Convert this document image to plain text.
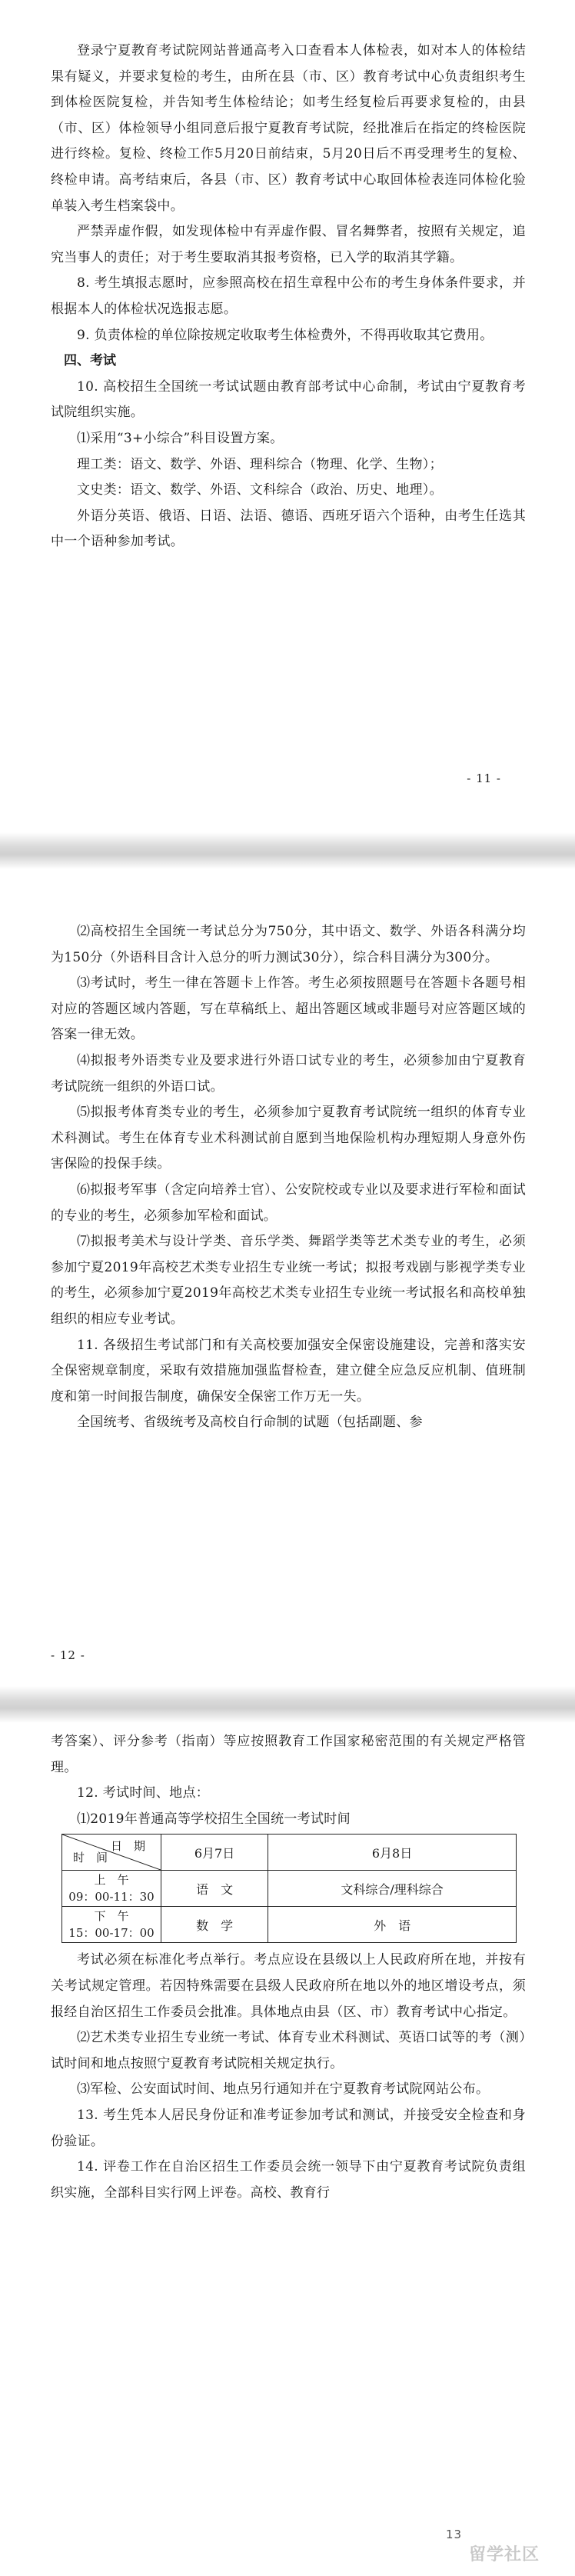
登录宁夏教育考试院网站普通高考入口查看本人体检表，如对本人的体检结果有疑义，并要求复检的考生，由所在县（市、区）教育考试中心负责组织考生到体检医院复检，并告知考生体检结论；如考生经复检后再要求复检的，由县（市、区）体检领导小组同意后报宁夏教育考试院，经批准后在指定的终检医院进行终检。复检、终检工作5月20日前结束，5月20日后不再受理考生的复检、终检申请。高考结束后，各县（市、区）教育考试中心取回体检表连同体检化验单装入考生档案袋中。

严禁弄虚作假，如发现体检中有弄虚作假、冒名舞弊者，按照有关规定，追究当事人的责任；对于考生要取消其报考资格，已入学的取消其学籍。

8. 考生填报志愿时，应参照高校在招生章程中公布的考生身体条件要求，并根据本人的体检状况选报志愿。

9. 负责体检的单位除按规定收取考生体检费外，不得再收取其它费用。

四、考试

10. 高校招生全国统一考试试题由教育部考试中心命制，考试由宁夏教育考试院组织实施。

⑴采用“3+小综合”科目设置方案。

理工类：语文、数学、外语、理科综合（物理、化学、生物）；

文史类：语文、数学、外语、文科综合（政治、历史、地理）。

外语分英语、俄语、日语、法语、德语、西班牙语六个语种，由考生任选其中一个语种参加考试。

- 11 -

⑵高校招生全国统一考试总分为750分，其中语文、数学、外语各科满分均为150分（外语科目含计入总分的听力测试30分），综合科目满分为300分。

⑶考试时，考生一律在答题卡上作答。考生必须按照题号在答题卡各题号相对应的答题区域内答题，写在草稿纸上、超出答题区域或非题号对应答题区域的答案一律无效。

⑷拟报考外语类专业及要求进行外语口试专业的考生，必须参加由宁夏教育考试院统一组织的外语口试。

⑸拟报考体育类专业的考生，必须参加宁夏教育考试院统一组织的体育专业术科测试。考生在体育专业术科测试前自愿到当地保险机构办理短期人身意外伤害保险的投保手续。

⑹拟报考军事（含定向培养士官）、公安院校或专业以及要求进行军检和面试的专业的考生，必须参加军检和面试。

⑺拟报考美术与设计学类、音乐学类、舞蹈学类等艺术类专业的考生，必须参加宁夏2019年高校艺术类专业招生专业统一考试；拟报考戏剧与影视学类专业的考生，必须参加宁夏2019年高校艺术类专业招生专业统一考试报名和高校单独组织的相应专业考试。

11. 各级招生考试部门和有关高校要加强安全保密设施建设，完善和落实安全保密规章制度，采取有效措施加强监督检查，建立健全应急反应机制、值班制度和第一时间报告制度，确保安全保密工作万无一失。

全国统考、省级统考及高校自行命制的试题（包括副题、参

- 12 -

考答案）、评分参考（指南）等应按照教育工作国家秘密范围的有关规定严格管理。

12. 考试时间、地点：

⑴2019年普通高等学校招生全国统一考试时间

日　期
时　间	6月7日	6月8日

上　午
09：00-11：30	语　文	文科综合/理科综合

下　午
15：00-17：00	数　学	外　语

考试必须在标准化考点举行。考点应设在县级以上人民政府所在地，并按有关考试规定管理。若因特殊需要在县级人民政府所在地以外的地区增设考点，须报经自治区招生工作委员会批准。具体地点由县（区、市）教育考试中心指定。

⑵艺术类专业招生专业统一考试、体育专业术科测试、英语口试等的考（测）试时间和地点按照宁夏教育考试院相关规定执行。

⑶军检、公安面试时间、地点另行通知并在宁夏教育考试院网站公布。

13. 考生凭本人居民身份证和准考证参加考试和测试，并接受安全检查和身份验证。

14. 评卷工作在自治区招生工作委员会统一领导下由宁夏教育考试院负责组织实施，全部科目实行网上评卷。高校、教育行

13
留学社区
